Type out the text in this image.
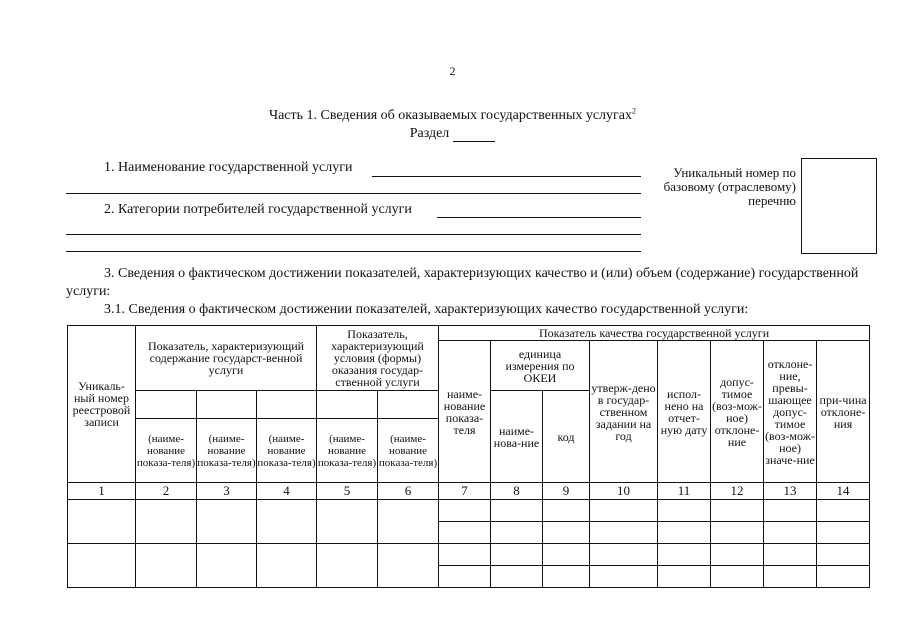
2
Часть 1. Сведения об оказываемых государственных услугах$^2$
Раздел
1. Наименование государственной услуги
2. Категории потребителей государственной услуги
Уникальный номер по базовому (отраслевому) перечню
3. Сведения о фактическом достижении показателей, характеризующих качество и (или) объем (содержание) государственной услуги:
3.1. Сведения о фактическом достижении показателей, характеризующих качество государственной услуги:
Уникаль-ный номер реестровой записи	Показатель, характеризующий содержание государст-венной услуги			Показатель, характеризующий условия (формы) оказания государ-ственной услуги		Показатель качества государственной услуги							
						наиме-нование показа-теля	единица измерения по ОКЕИ		утверж-дено в государ-ственном задании на год	испол-нено на отчет-ную дату	допус-тимое (воз-мож-ное) отклоне-ние	отклоне-ние, превы-шающее допус-тимое (воз-мож-ное) значе-ние	при-чина отклоне-ния
							наиме-нова-ние	код					
	(наиме-нование показа-теля)	(наиме-нование показа-теля)	(наиме-нование показа-теля)	(наиме-нование показа-теля)	(наиме-нование показа-теля)								
1	2	3	4	5	6	7	8	9	10	11	12	13	14
